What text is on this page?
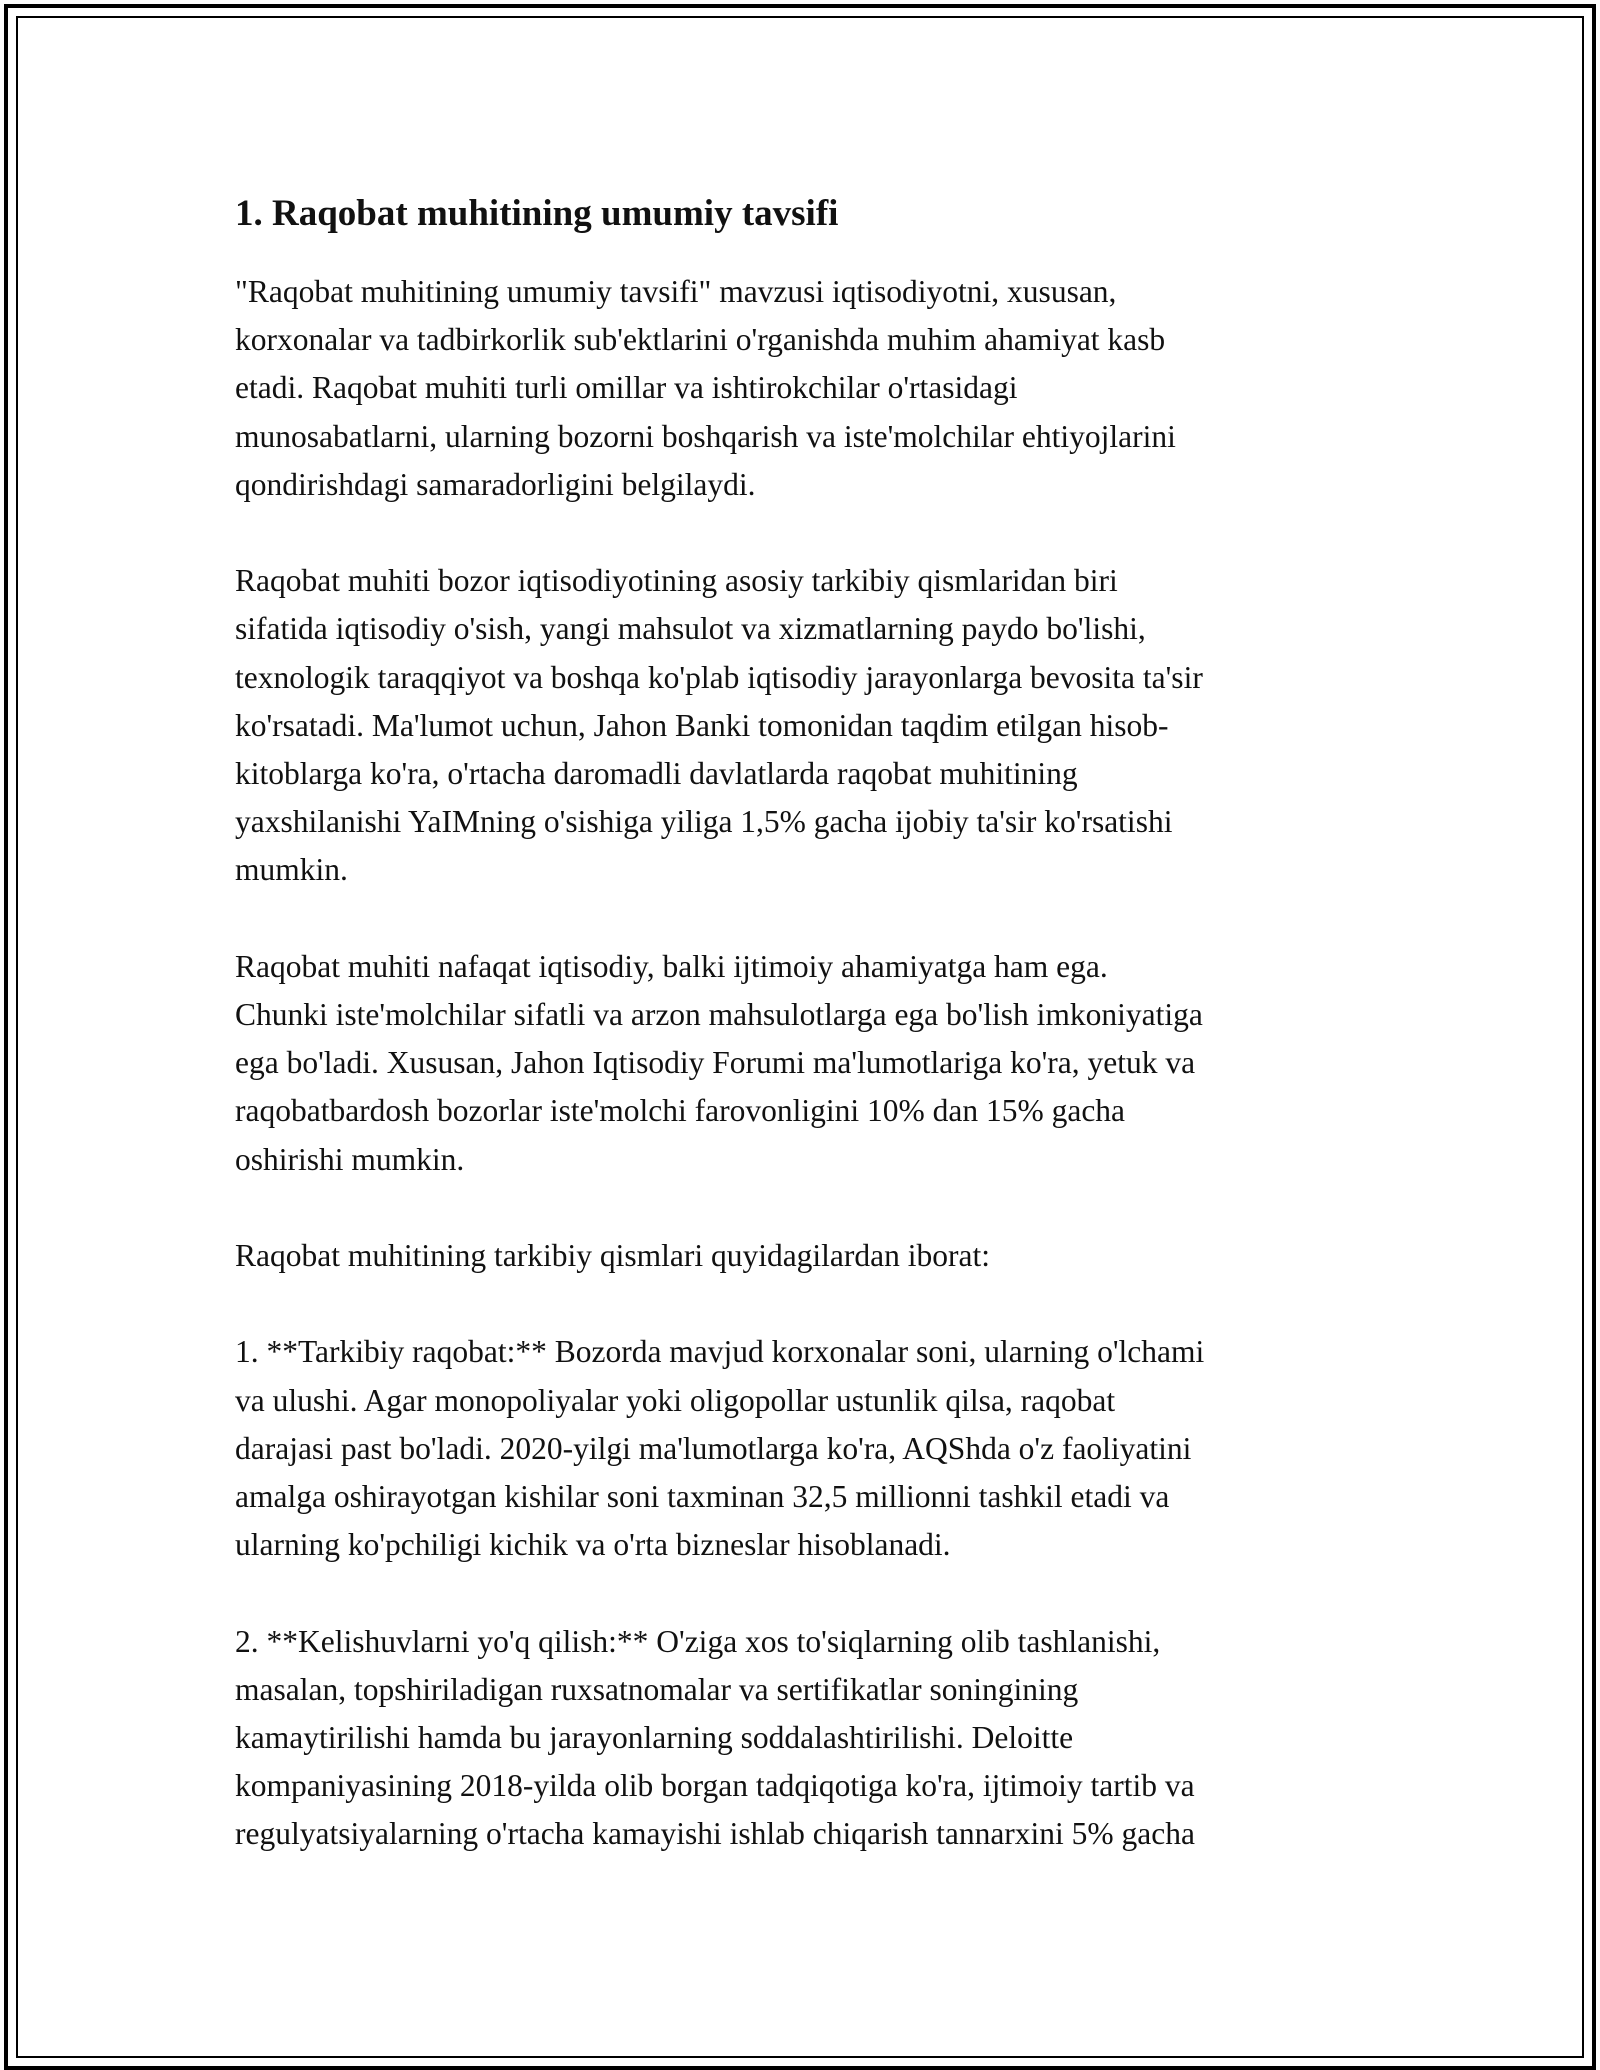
1. Raqobat muhitining umumiy tavsifi
"Raqobat muhitining umumiy tavsifi" mavzusi iqtisodiyotni, xususan,
korxonalar va tadbirkorlik sub'ektlarini o'rganishda muhim ahamiyat kasb
etadi. Raqobat muhiti turli omillar va ishtirokchilar o'rtasidagi
munosabatlarni, ularning bozorni boshqarish va iste'molchilar ehtiyojlarini
qondirishdagi samaradorligini belgilaydi.
Raqobat muhiti bozor iqtisodiyotining asosiy tarkibiy qismlaridan biri
sifatida iqtisodiy o'sish, yangi mahsulot va xizmatlarning paydo bo'lishi,
texnologik taraqqiyot va boshqa ko'plab iqtisodiy jarayonlarga bevosita ta'sir
ko'rsatadi. Ma'lumot uchun, Jahon Banki tomonidan taqdim etilgan hisob-
kitoblarga ko'ra, o'rtacha daromadli davlatlarda raqobat muhitining
yaxshilanishi YaIMning o'sishiga yiliga 1,5% gacha ijobiy ta'sir ko'rsatishi
mumkin.
Raqobat muhiti nafaqat iqtisodiy, balki ijtimoiy ahamiyatga ham ega.
Chunki iste'molchilar sifatli va arzon mahsulotlarga ega bo'lish imkoniyatiga
ega bo'ladi. Xususan, Jahon Iqtisodiy Forumi ma'lumotlariga ko'ra, yetuk va
raqobatbardosh bozorlar iste'molchi farovonligini 10% dan 15% gacha
oshirishi mumkin.
Raqobat muhitining tarkibiy qismlari quyidagilardan iborat:
1. **Tarkibiy raqobat:** Bozorda mavjud korxonalar soni, ularning o'lchami
va ulushi. Agar monopoliyalar yoki oligopollar ustunlik qilsa, raqobat
darajasi past bo'ladi. 2020-yilgi ma'lumotlarga ko'ra, AQShda o'z faoliyatini
amalga oshirayotgan kishilar soni taxminan 32,5 millionni tashkil etadi va
ularning ko'pchiligi kichik va o'rta bizneslar hisoblanadi.
2. **Kelishuvlarni yo'q qilish:** O'ziga xos to'siqlarning olib tashlanishi,
masalan, topshiriladigan ruxsatnomalar va sertifikatlar soningining
kamaytirilishi hamda bu jarayonlarning soddalashtirilishi. Deloitte
kompaniyasining 2018-yilda olib borgan tadqiqotiga ko'ra, ijtimoiy tartib va
regulyatsiyalarning o'rtacha kamayishi ishlab chiqarish tannarxini 5% gacha
